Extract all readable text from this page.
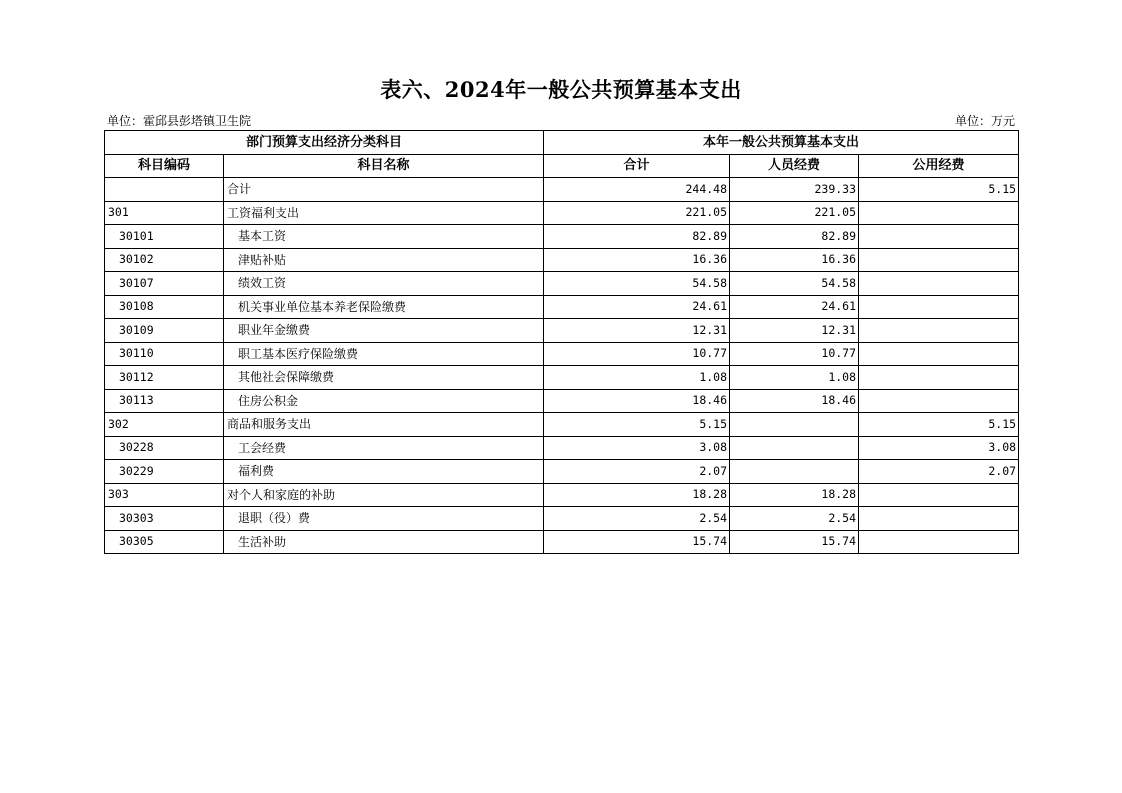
表六、2024年一般公共预算基本支出
单位：霍邱县彭塔镇卫生院	单位：万元
部门预算支出经济分类科目		本年一般公共预算基本支出		
科目编码	科目名称	合计	人员经费	公用经费
	合计	244.48	239.33	5.15
301	工资福利支出	221.05	221.05	
30101	基本工资	82.89	82.89	
30102	津贴补贴	16.36	16.36	
30107	绩效工资	54.58	54.58	
30108	机关事业单位基本养老保险缴费	24.61	24.61	
30109	职业年金缴费	12.31	12.31	
30110	职工基本医疗保险缴费	10.77	10.77	
30112	其他社会保障缴费	1.08	1.08	
30113	住房公积金	18.46	18.46	
302	商品和服务支出	5.15		5.15
30228	工会经费	3.08		3.08
30229	福利费	2.07		2.07
303	对个人和家庭的补助	18.28	18.28	
30303	退职（役）费	2.54	2.54	
30305	生活补助	15.74	15.74	
